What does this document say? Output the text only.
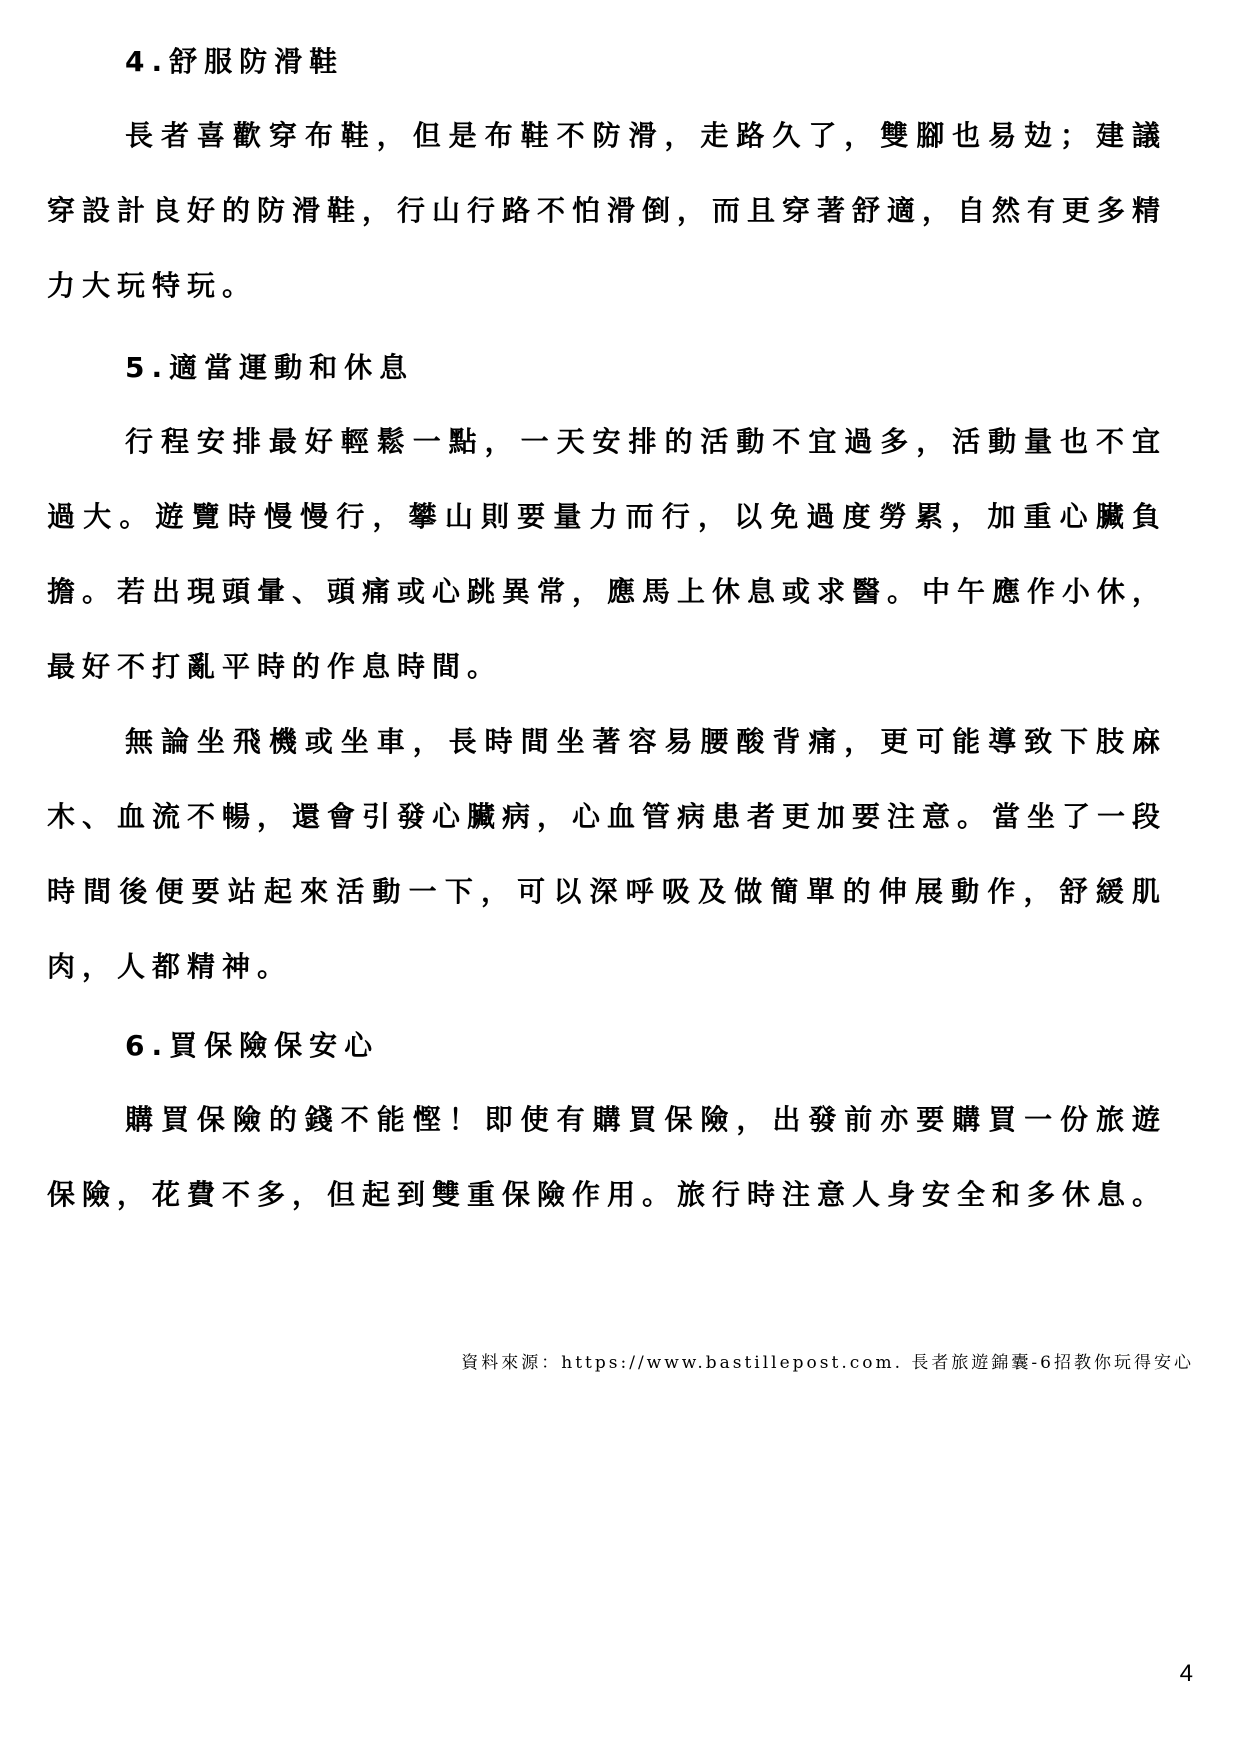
4.舒服防滑鞋

長者喜歡穿布鞋，但是布鞋不防滑，走路久了，雙腳也易攰；建議穿設計良好的防滑鞋，行山行路不怕滑倒，而且穿著舒適，自然有更多精力大玩特玩。

5.適當運動和休息

行程安排最好輕鬆一點，一天安排的活動不宜過多，活動量也不宜過大。遊覽時慢慢行，攀山則要量力而行，以免過度勞累，加重心臟負擔。若出現頭暈、頭痛或心跳異常，應馬上休息或求醫。中午應作小休，最好不打亂平時的作息時間。

無論坐飛機或坐車，長時間坐著容易腰酸背痛，更可能導致下肢麻木、血流不暢，還會引發心臟病，心血管病患者更加要注意。當坐了一段時間後便要站起來活動一下，可以深呼吸及做簡單的伸展動作，舒緩肌肉，人都精神。

6.買保險保安心

購買保險的錢不能慳！即使有購買保險，出發前亦要購買一份旅遊保險，花費不多，但起到雙重保險作用。旅行時注意人身安全和多休息。

資料來源：https://www.bastillepost.com. 長者旅遊錦囊-6招教你玩得安心

4
